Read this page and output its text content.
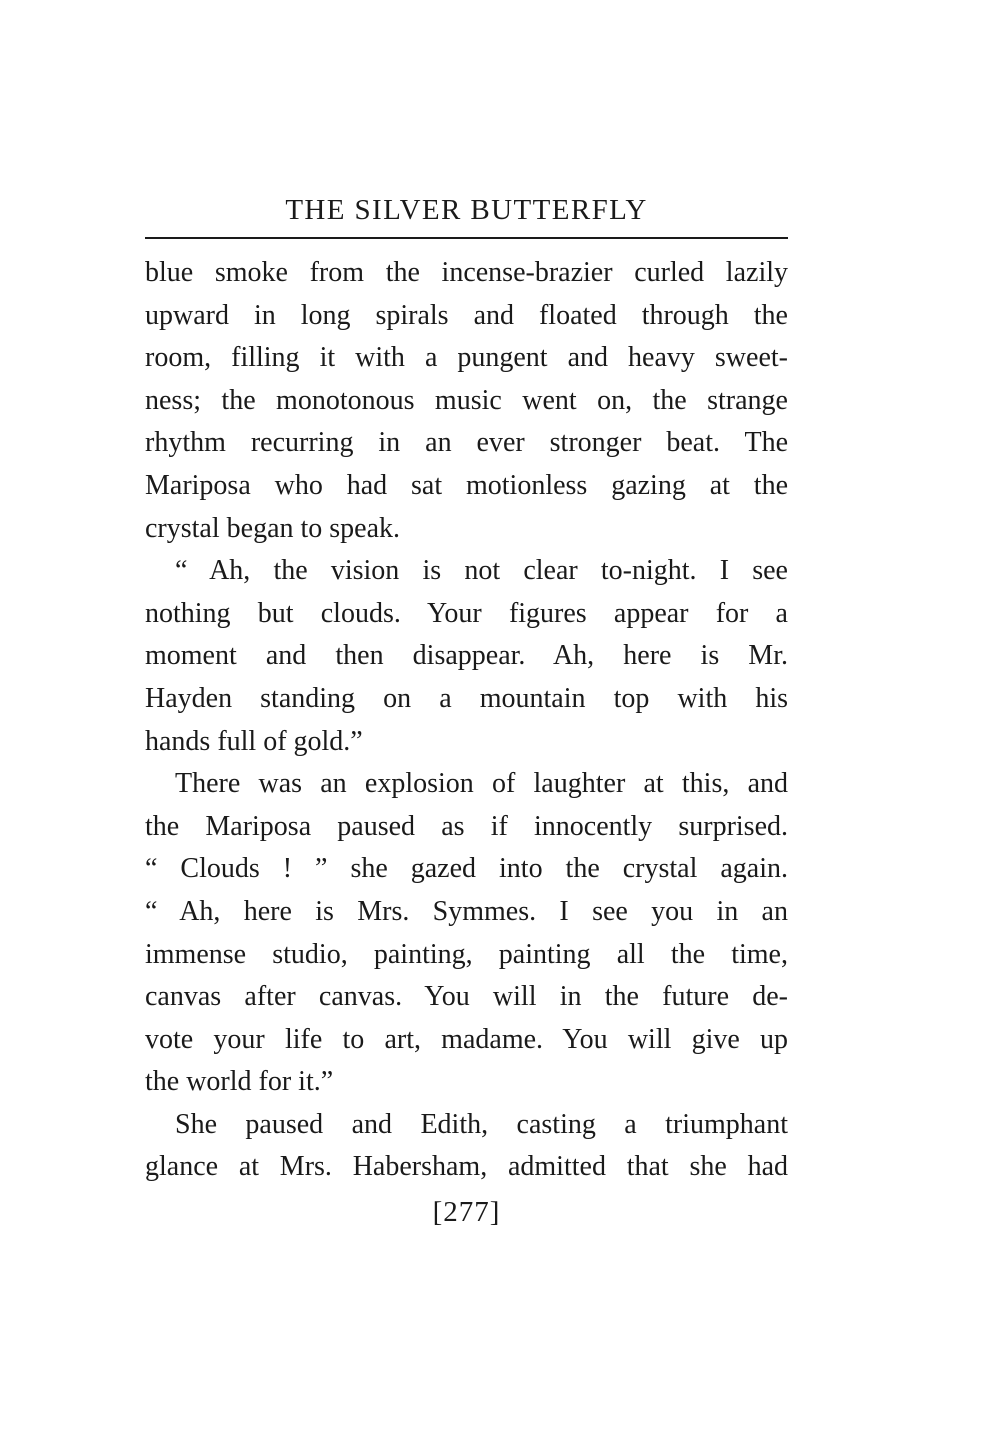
THE SILVER BUTTERFLY
blue smoke from the incense-brazier curled lazily
upward in long spirals and floated through the
room, filling it with a pungent and heavy sweet-
ness; the monotonous music went on, the strange
rhythm recurring in an ever stronger beat. The
Mariposa who had sat motionless gazing at the
crystal began to speak.
“ Ah, the vision is not clear to-night. I see
nothing but clouds. Your figures appear for a
moment and then disappear. Ah, here is Mr.
Hayden standing on a mountain top with his
hands full of gold.”
There was an explosion of laughter at this, and
the Mariposa paused as if innocently surprised.
“ Clouds ! ” she gazed into the crystal again.
“ Ah, here is Mrs. Symmes. I see you in an
immense studio, painting, painting all the time,
canvas after canvas. You will in the future de-
vote your life to art, madame. You will give up
the world for it.”
She paused and Edith, casting a triumphant
glance at Mrs. Habersham, admitted that she had
[277]
